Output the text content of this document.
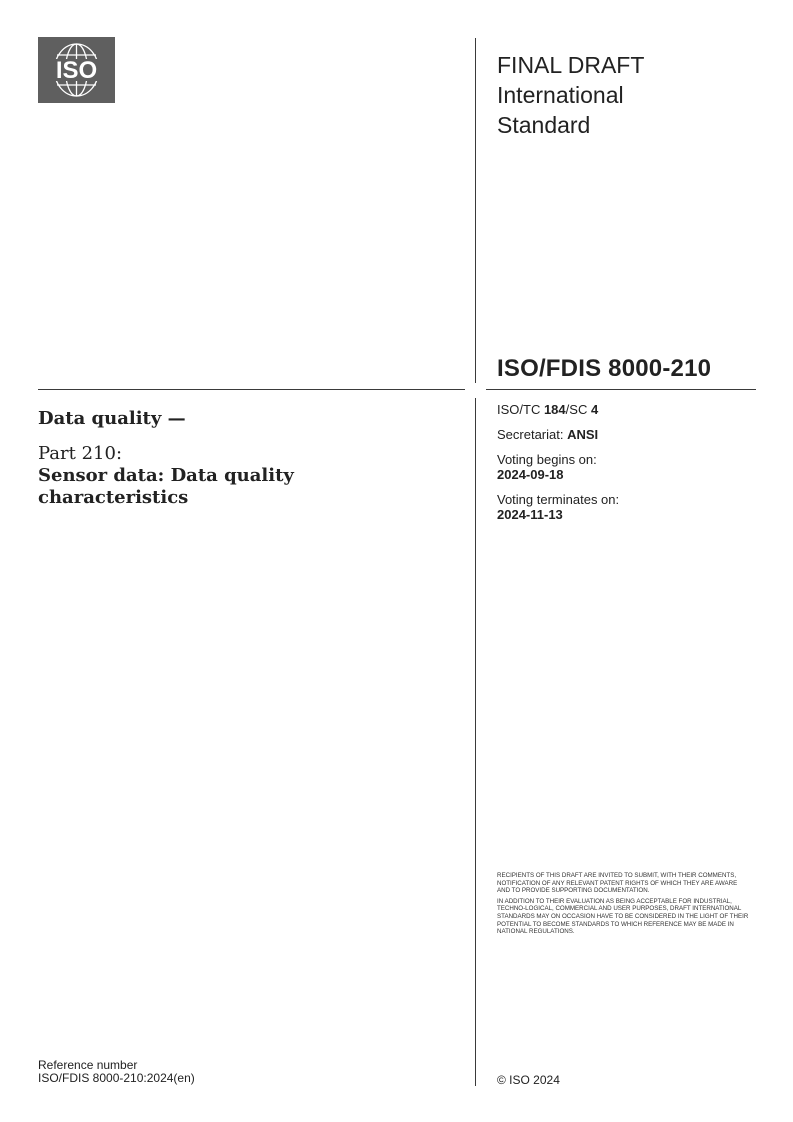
ISO	FINAL DRAFT
International
Standard
ISO/FDIS 8000-210
Data quality —
Part 210:
Sensor data: Data quality
characteristics
ISO/TC 184/SC 4
Secretariat: ANSI
Voting begins on:
2024-09-18
Voting terminates on:
2024-11-13

RECIPIENTS OF THIS DRAFT ARE INVITED TO SUBMIT, WITH THEIR COMMENTS, NOTIFICATION OF ANY RELEVANT PATENT RIGHTS OF WHICH THEY ARE AWARE AND TO PROVIDE SUPPORTING DOCUMENTATION.

IN ADDITION TO THEIR EVALUATION AS BEING ACCEPTABLE FOR INDUSTRIAL, TECHNO-LOGICAL, COMMERCIAL AND USER PURPOSES, DRAFT INTERNATIONAL STANDARDS MAY ON OCCASION HAVE TO BE CONSIDERED IN THE LIGHT OF THEIR POTENTIAL TO BECOME STANDARDS TO WHICH REFERENCE MAY BE MADE IN NATIONAL REGULATIONS.

Reference number
ISO/FDIS 8000-210:2024(en)	© ISO 2024
